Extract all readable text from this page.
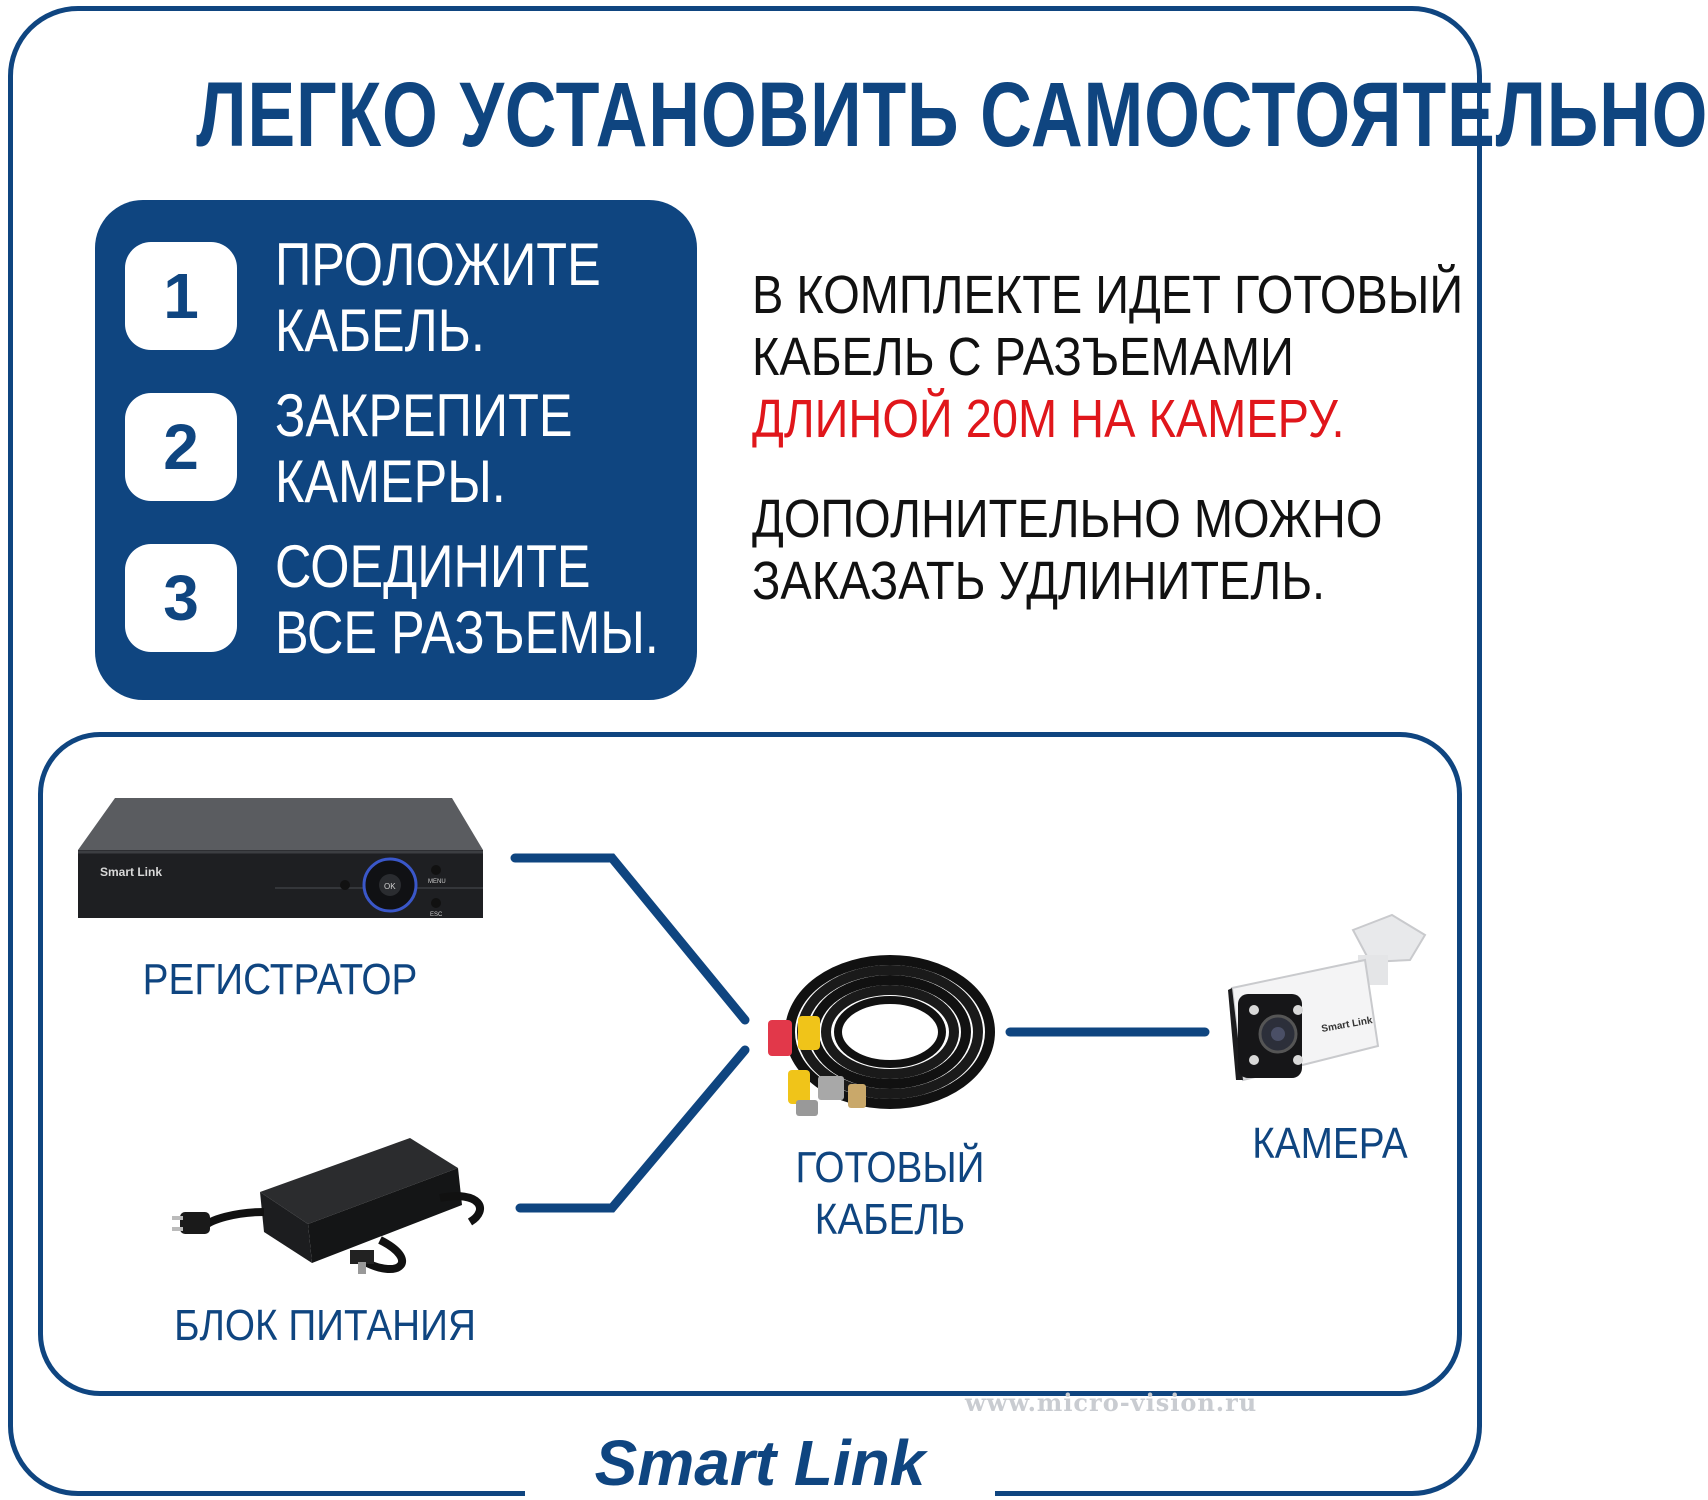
ЛЕГКО УСТАНОВИТЬ САМОСТОЯТЕЛЬНО
1	ПРОЛОЖИТЕ
КАБЕЛЬ.
2	ЗАКРЕПИТЕ
КАМЕРЫ.
3	СОЕДИНИТЕ
ВСЕ РАЗЪЕМЫ.
В КОМПЛЕКТЕ ИДЕТ ГОТОВЫЙ
КАБЕЛЬ С РАЗЪЕМАМИ
ДЛИНОЙ 20М НА КАМЕРУ.
ДОПОЛНИТЕЛЬНО МОЖНО
ЗАКАЗАТЬ УДЛИНИТЕЛЬ.
Smart Link
OK	MENU
ESC
Smart Link
РЕГИСТРАТОР
БЛОК ПИТАНИЯ
ГОТОВЫЙ
КАБЕЛЬ
КАМЕРА
www.micro-vision.ru
Smart Link
